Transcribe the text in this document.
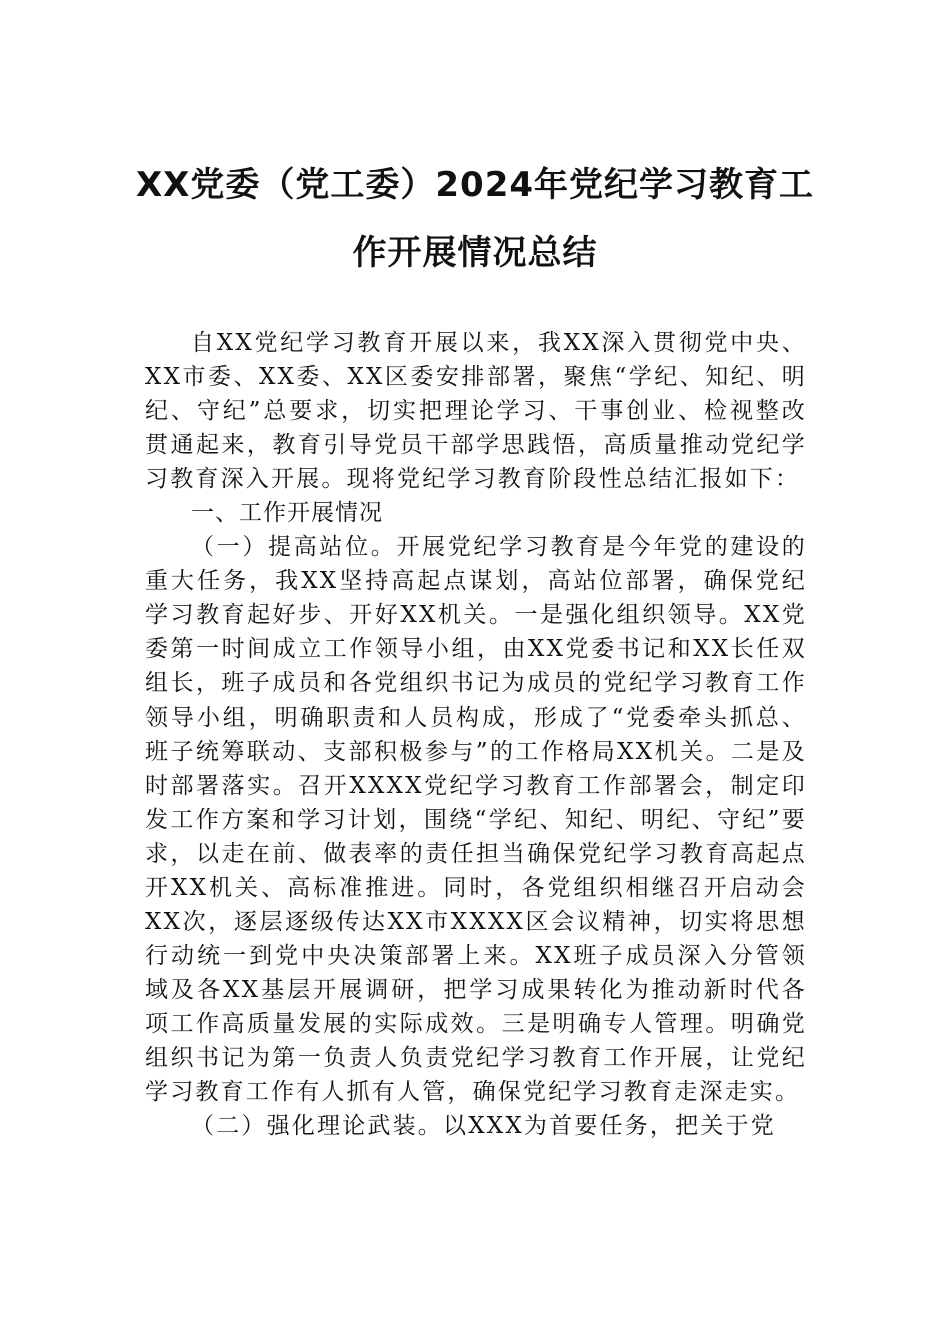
XX党委（党工委）2024年党纪学习教育工
作开展情况总结

自XX党纪学习教育开展以来，我XX深入贯彻党中央、XX市委、XX委、XX区委安排部署，聚焦“学纪、知纪、明纪、守纪”总要求，切实把理论学习、干事创业、检视整改贯通起来，教育引导党员干部学思践悟，高质量推动党纪学习教育深入开展。现将党纪学习教育阶段性总结汇报如下：

一、工作开展情况

（一）提高站位。开展党纪学习教育是今年党的建设的重大任务，我XX坚持高起点谋划，高站位部署，确保党纪学习教育起好步、开好XX机关。一是强化组织领导。XX党委第一时间成立工作领导小组，由XX党委书记和XX长任双组长，班子成员和各党组织书记为成员的党纪学习教育工作领导小组，明确职责和人员构成，形成了“党委牵头抓总、班子统筹联动、支部积极参与”的工作格局XX机关。二是及时部署落实。召开XXXX党纪学习教育工作部署会，制定印发工作方案和学习计划，围绕“学纪、知纪、明纪、守纪”要求，以走在前、做表率的责任担当确保党纪学习教育高起点开XX机关、高标准推进。同时，各党组织相继召开启动会XX次，逐层逐级传达XX市XXXX区会议精神，切实将思想行动统一到党中央决策部署上来。XX班子成员深入分管领域及各XX基层开展调研，把学习成果转化为推动新时代各项工作高质量发展的实际成效。三是明确专人管理。明确党组织书记为第一负责人负责党纪学习教育工作开展，让党纪学习教育工作有人抓有人管，确保党纪学习教育走深走实。

（二）强化理论武装。以XXX为首要任务，把关于党
